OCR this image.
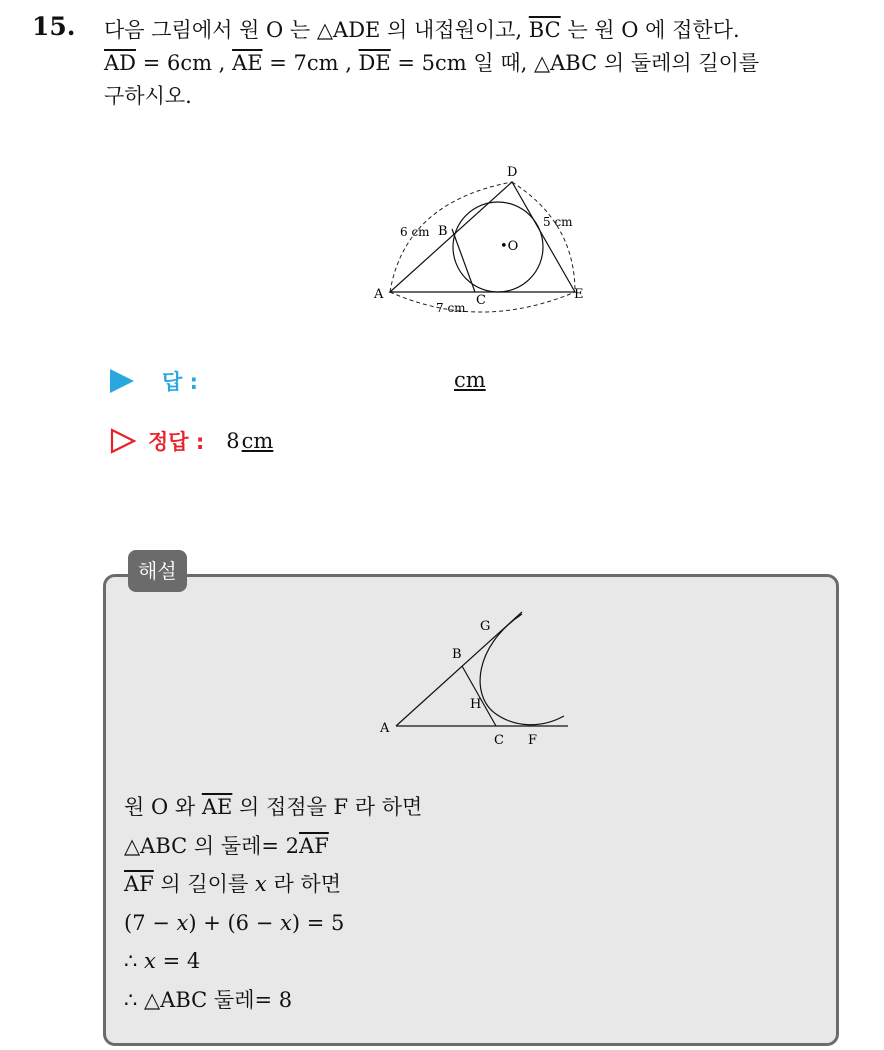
15. 다음 그림에서 원 O 는 △ADE 의 내접원이고, $\overline{BC}$ 는 원 O 에 접한다.
$\overline{AD} = 6cm$ , $\overline{AE} = 7cm$ , $\overline{DE} = 5cm$ 일 때, △ABC 의 둘레의 길이를
구하시오.
D
B
•O
A	C	E
6 cm
5 cm
7 cm
답 :	cm
정답 : 8 cm
해설
G
B
H
A
C F
원 O 와 $\overline{AE}$ 의 접점을 F 라 하면
△ABC 의 둘레= $2\overline{AF}$
$\overline{AF}$ 의 길이를 x 라 하면
(7 − x) + (6 − x) = 5
∴ x = 4
∴ △ABC 둘레= 8
